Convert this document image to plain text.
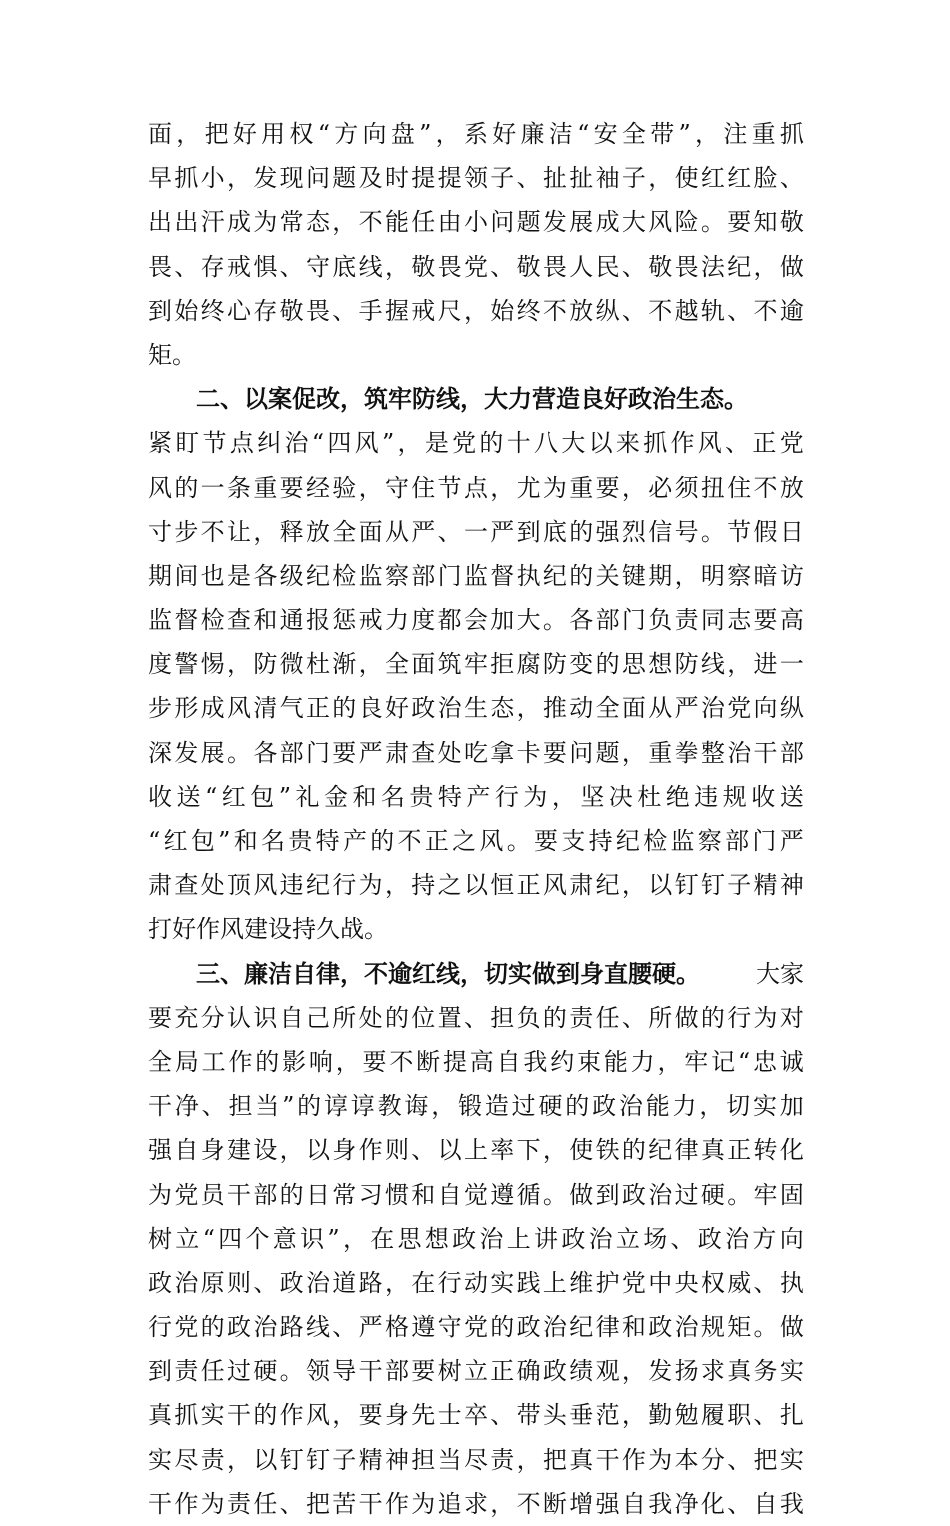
面 ， 把 好 用 权 “ 方 向 盘 ” ， 系 好 廉 洁 “ 安 全 带 ” ， 注 重 抓
早 抓 小 ， 发 现 问 题 及 时 提 提 领 子 、 扯 扯 袖 子 ， 使 红 红 脸 、
出 出 汗 成 为 常 态 ， 不 能 任 由 小 问 题 发 展 成 大 风 险 。 要 知 敬
畏 、 存 戒 惧 、 守 底 线 ， 敬 畏 党 、 敬 畏 人 民 、 敬 畏 法 纪 ， 做
到 始 终 心 存 敬 畏 、 手 握 戒 尺 ， 始 终 不 放 纵 、 不 越 轨 、 不 逾
矩。
二、以案促改，筑牢防线，大力营造良好政治生态。
紧 盯 节 点 纠 治 “ 四 风 ” ， 是 党 的 十 八 大 以 来 抓 作 风 、 正 党
风 的 一 条 重 要 经 验 ， 守 住 节 点 ， 尤 为 重 要 ， 必 须 扭 住 不 放
寸 步 不 让 ， 释 放 全 面 从 严 、 一 严 到 底 的 强 烈 信 号 。 节 假 日
期 间 也 是 各 级 纪 检 监 察 部 门 监 督 执 纪 的 关 键 期 ， 明 察 暗 访
监 督 检 查 和 通 报 惩 戒 力 度 都 会 加 大 。 各 部 门 负 责 同 志 要 高
度 警 惕 ， 防 微 杜 渐 ， 全 面 筑 牢 拒 腐 防 变 的 思 想 防 线 ， 进 一
步 形 成 风 清 气 正 的 良 好 政 治 生 态 ， 推 动 全 面 从 严 治 党 向 纵
深 发 展 。 各 部 门 要 严 肃 查 处 吃 拿 卡 要 问 题 ， 重 拳 整 治 干 部
收 送 “ 红 包 ” 礼 金 和 名 贵 特 产 行 为 ， 坚 决 杜 绝 违 规 收 送
“ 红 包 ” 和 名 贵 特 产 的 不 正 之 风 。 要 支 持 纪 检 监 察 部 门 严
肃 查 处 顶 风 违 纪 行 为 ， 持 之 以 恒 正 风 肃 纪 ， 以 钉 钉 子 精 神
打好作风建设持久战。
三、廉洁自律，不逾红线，切实做到身直腰硬。 大家
要 充 分 认 识 自 己 所 处 的 位 置 、 担 负 的 责 任 、 所 做 的 行 为 对
全 局 工 作 的 影 响 ， 要 不 断 提 高 自 我 约 束 能 力 ， 牢 记 “ 忠 诚
干 净 、 担 当 ” 的 谆 谆 教 诲 ， 锻 造 过 硬 的 政 治 能 力 ， 切 实 加
强 自 身 建 设 ， 以 身 作 则 、 以 上 率 下 ， 使 铁 的 纪 律 真 正 转 化
为 党 员 干 部 的 日 常 习 惯 和 自 觉 遵 循 。 做 到 政 治 过 硬 。 牢 固
树 立 “ 四 个 意 识 ” ， 在 思 想 政 治 上 讲 政 治 立 场 、 政 治 方 向
政 治 原 则 、 政 治 道 路 ， 在 行 动 实 践 上 维 护 党 中 央 权 威 、 执
行 党 的 政 治 路 线 、 严 格 遵 守 党 的 政 治 纪 律 和 政 治 规 矩 。 做
到 责 任 过 硬 。 领 导 干 部 要 树 立 正 确 政 绩 观 ， 发 扬 求 真 务 实
真 抓 实 干 的 作 风 ， 要 身 先 士 卒 、 带 头 垂 范 ， 勤 勉 履 职 、 扎
实 尽 责 ， 以 钉 钉 子 精 神 担 当 尽 责 ， 把 真 干 作 为 本 分 、 把 实
干 作 为 责 任 、 把 苦 干 作 为 追 求 ， 不 断 增 强 自 我 净 化 、 自 我
